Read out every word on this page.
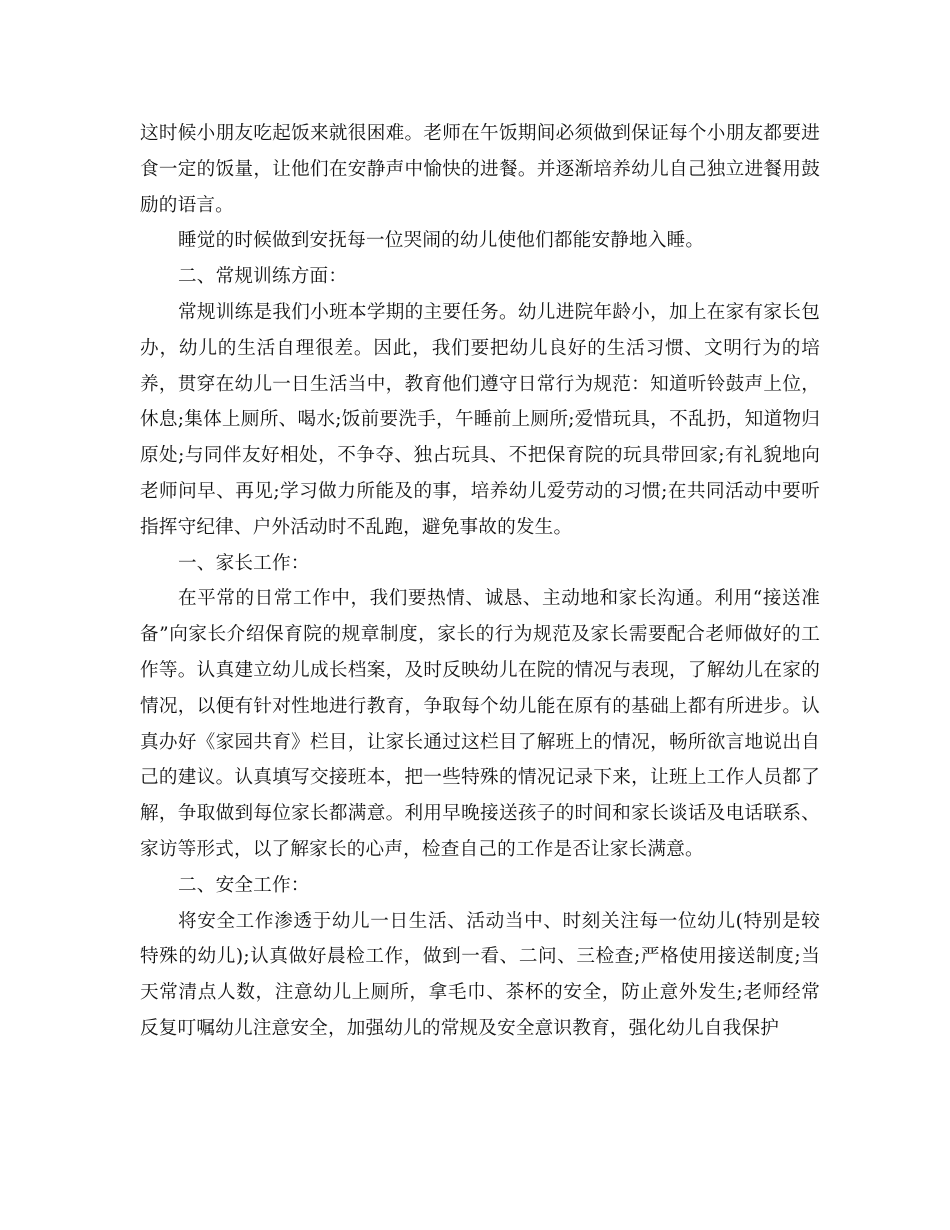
这时候小朋友吃起饭来就很困难。老师在午饭期间必须做到保证每个小朋友都要进食一定的饭量，让他们在安静声中愉快的进餐。并逐渐培养幼儿自己独立进餐用鼓励的语言。

睡觉的时候做到安抚每一位哭闹的幼儿使他们都能安静地入睡。

二、常规训练方面：

常规训练是我们小班本学期的主要任务。幼儿进院年龄小，加上在家有家长包办，幼儿的生活自理很差。因此，我们要把幼儿良好的生活习惯、文明行为的培养，贯穿在幼儿一日生活当中，教育他们遵守日常行为规范：知道听铃鼓声上位，休息;集体上厕所、喝水;饭前要洗手，午睡前上厕所;爱惜玩具，不乱扔，知道物归原处;与同伴友好相处，不争夺、独占玩具、不把保育院的玩具带回家;有礼貌地向老师问早、再见;学习做力所能及的事，培养幼儿爱劳动的习惯;在共同活动中要听指挥守纪律、户外活动时不乱跑，避免事故的发生。

一、家长工作：

在平常的日常工作中，我们要热情、诚恳、主动地和家长沟通。利用“接送准备”向家长介绍保育院的规章制度，家长的行为规范及家长需要配合老师做好的工作等。认真建立幼儿成长档案，及时反映幼儿在院的情况与表现，了解幼儿在家的情况，以便有针对性地进行教育，争取每个幼儿能在原有的基础上都有所进步。认真办好《家园共育》栏目，让家长通过这栏目了解班上的情况，畅所欲言地说出自己的建议。认真填写交接班本，把一些特殊的情况记录下来，让班上工作人员都了解，争取做到每位家长都满意。利用早晚接送孩子的时间和家长谈话及电话联系、家访等形式，以了解家长的心声，检查自己的工作是否让家长满意。

二、安全工作：

将安全工作渗透于幼儿一日生活、活动当中、时刻关注每一位幼儿(特别是较特殊的幼儿);认真做好晨检工作，做到一看、二问、三检查;严格使用接送制度;当天常清点人数，注意幼儿上厕所，拿毛巾、茶杯的安全，防止意外发生;老师经常反复叮嘱幼儿注意安全，加强幼儿的常规及安全意识教育，强化幼儿自我保护
